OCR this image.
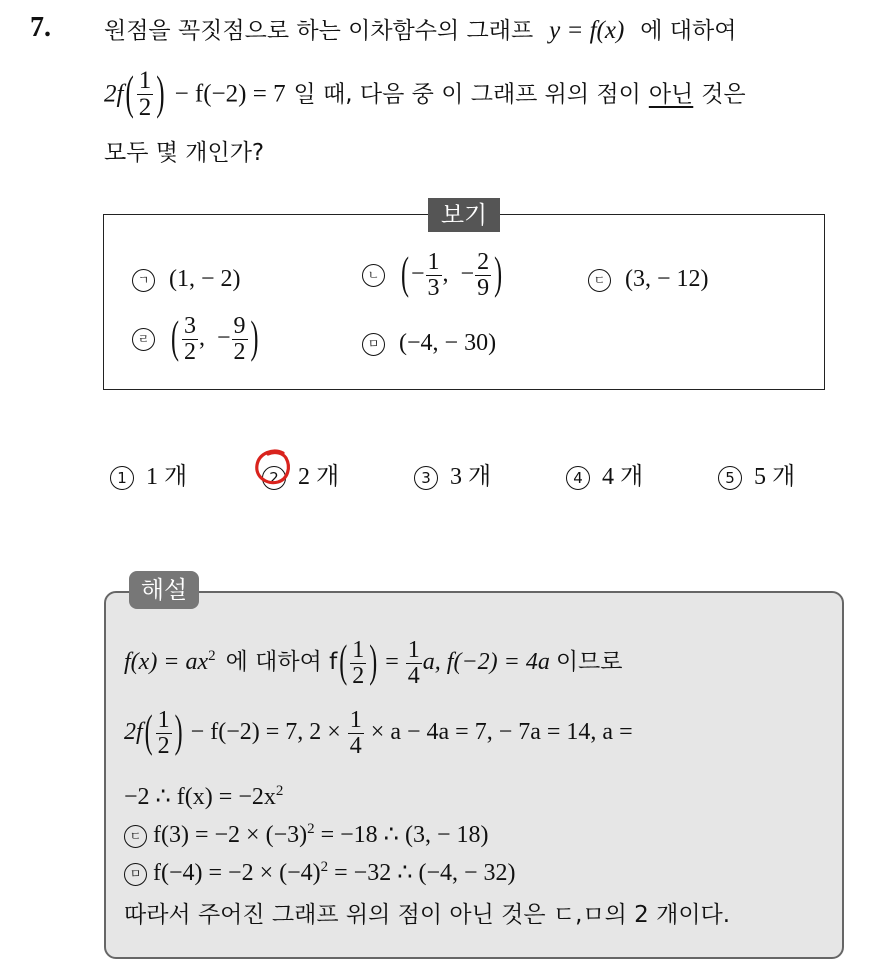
7. 원점을 꼭짓점으로 하는 이차함수의 그래프 y = f(x) 에 대하여
$2f( \frac{1}{2}$ ) − f(−2) = 7 일 때, 다음 중 이 그래프 위의 점이 아닌 것은
모두 몇 개인가?
보기
ㄱ (1, − 2)	ㄴ (− $\frac{1}{3}$ ,  − $\frac{2}{9}$ )	ㄷ (3, − 12)
ㄹ ( $\frac{3}{2}$ ,  − $\frac{9}{2}$ )	ㅁ (−4, − 30)
1 1 개	2 2 개	3 3 개	4 4 개	5 5 개
해설
$f(x) = ax^2$ 에 대하여 $f( \frac{1}{2}$ ) = $\frac{1}{4} a$, f(−2) = 4a 이므로
$2f( \frac{1}{2}$ ) − f(−2) = 7, $2 \times \frac{1}{4} \times a - 4a = 7$, − 7a = 14, a =
−2 ∴ $f(x) = -2x^2$
ㄷ $f(3) = -2 \times (-3)^2 = -18$ ∴ (3, − 18)
ㅁ $f(-4) = -2 \times (-4)^2 = -32$ ∴ (−4, − 32)
따라서 주어진 그래프 위의 점이 아닌 것은 ㄷ,ㅁ의 2 개이다.
